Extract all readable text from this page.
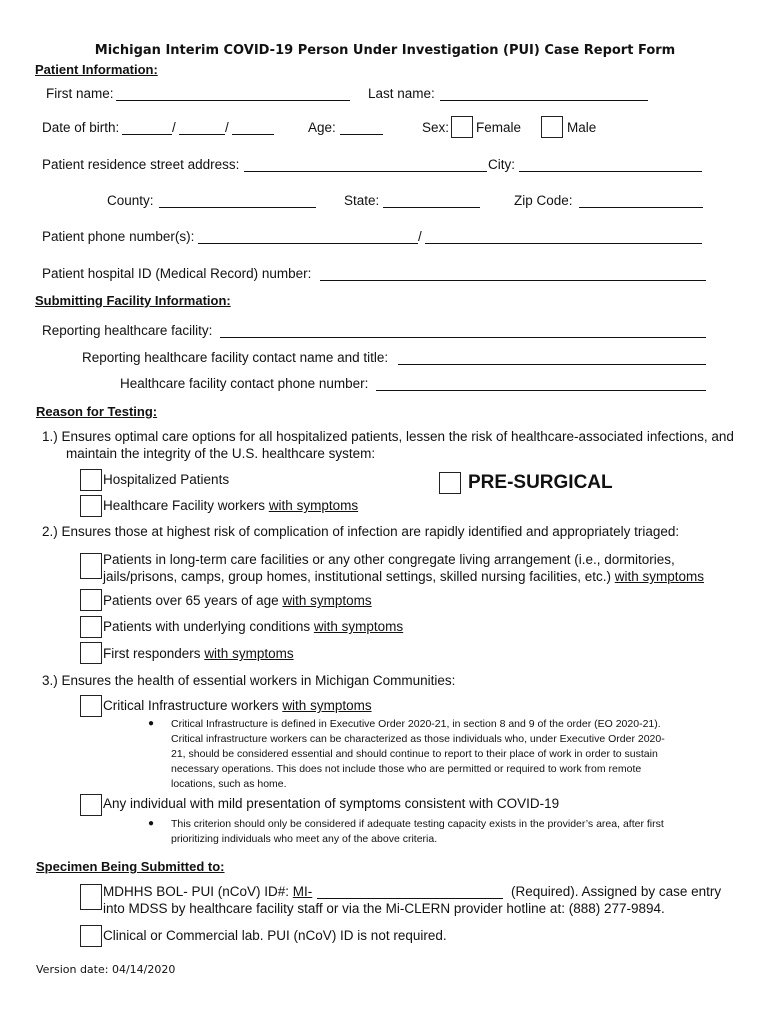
Michigan Interim COVID-19 Person Under Investigation (PUI) Case Report Form
Patient Information:
First name:	Last name:
Date of birth:	/	/	Age:	Sex: Female	Male
Patient residence street address:	City:
County:	State:	Zip Code:
Patient phone number(s):	/
Patient hospital ID (Medical Record) number:
Submitting Facility Information:
Reporting healthcare facility:
Reporting healthcare facility contact name and title:
Healthcare facility contact phone number:
Reason for Testing:
1.) Ensures optimal care options for all hospitalized patients, lessen the risk of healthcare-associated infections, and
maintain the integrity of the U.S. healthcare system:
Hospitalized Patients	PRE-SURGICAL
Healthcare Facility workers with symptoms
2.) Ensures those at highest risk of complication of infection are rapidly identified and appropriately triaged:
Patients in long-term care facilities or any other congregate living arrangement (i.e., dormitories,
jails/prisons, camps, group homes, institutional settings, skilled nursing facilities, etc.) with symptoms
Patients over 65 years of age with symptoms
Patients with underlying conditions with symptoms
First responders with symptoms
3.) Ensures the health of essential workers in Michigan Communities:
Critical Infrastructure workers with symptoms
● Critical Infrastructure is defined in Executive Order 2020-21, in section 8 and 9 of the order (EO 2020-21).
Critical infrastructure workers can be characterized as those individuals who, under Executive Order 2020-
21, should be considered essential and should continue to report to their place of work in order to sustain
necessary operations. This does not include those who are permitted or required to work from remote
locations, such as home.
Any individual with mild presentation of symptoms consistent with COVID-19
● This criterion should only be considered if adequate testing capacity exists in the provider’s area, after first
prioritizing individuals who meet any of the above criteria.
Specimen Being Submitted to:
MDHHS BOL- PUI (nCoV) ID#: MI-	(Required). Assigned by case entry
into MDSS by healthcare facility staff or via the Mi-CLERN provider hotline at: (888) 277-9894.
Clinical or Commercial lab. PUI (nCoV) ID is not required.
Version date: 04/14/2020
